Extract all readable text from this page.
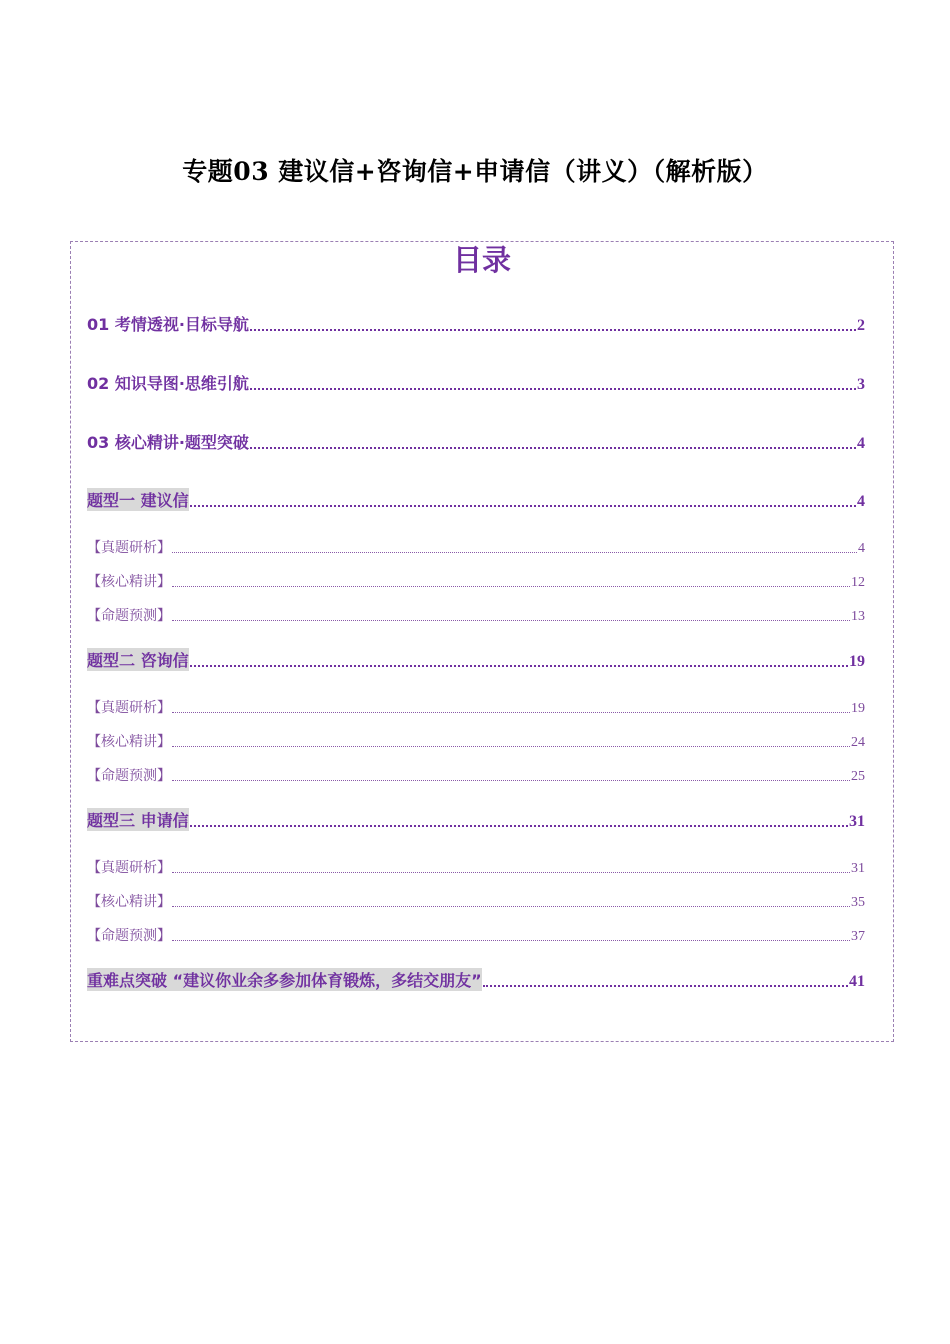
专题03 建议信+咨询信+申请信（讲义）（解析版）
目录
01 考情透视·目标导航	2
02 知识导图·思维引航	3
03 核心精讲·题型突破	4
题型一 建议信	4
【真题研析】	4
【核心精讲】	12
【命题预测】	13
题型二 咨询信	19
【真题研析】	19
【核心精讲】	24
【命题预测】	25
题型三 申请信	31
【真题研析】	31
【核心精讲】	35
【命题预测】	37
重难点突破 “建议你业余多参加体育锻炼，多结交朋友”	41
